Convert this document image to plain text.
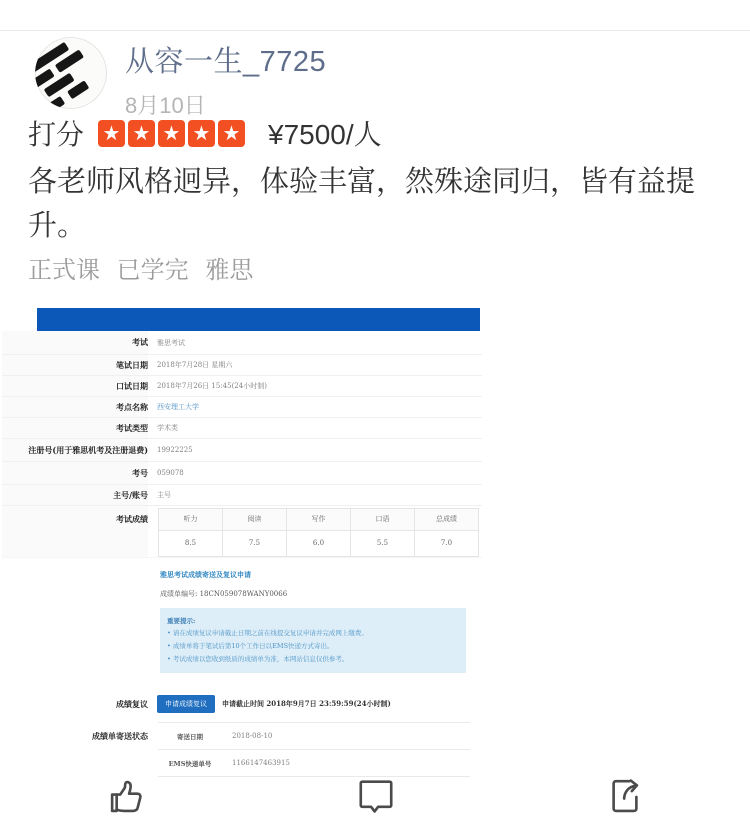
从容一生_7725
8月10日
打分 ★ ★ ★ ★ ★ ¥7500/人
各老师风格迥异，体验丰富，然殊途同归，皆有益提升。
正式课 已学完 雅思
考试	雅思考试
笔试日期	2018年7月28日 星期六
口试日期	2018年7月26日 15:45(24小时制)
考点名称	西安理工大学
考试类型	学术类
注册号(用于雅思机考及注册退费)	19922225
考号	059078
主号/账号	主号
考试成绩	听力	阅读	写作	口语	总成绩
8.5	7.5	6.0	5.5	7.0
雅思考试成绩寄送及复议申请
成绩单编号: 18CN059078WANY0066
重要提示:
• 请在成绩复议申请截止日期之前在线提交复议申请并完成网上缴费。
• 成绩单将于笔试后第10个工作日以EMS快递方式寄出。
• 考试成绩以您收到纸质的成绩单为准，本网站信息仅供参考。
成绩复议	申请成绩复议	申请截止时间 2018年9月7日 23:59:59(24小时制)
成绩单寄送状态	寄送日期	2018-08-10
EMS快递单号	1166147463915
